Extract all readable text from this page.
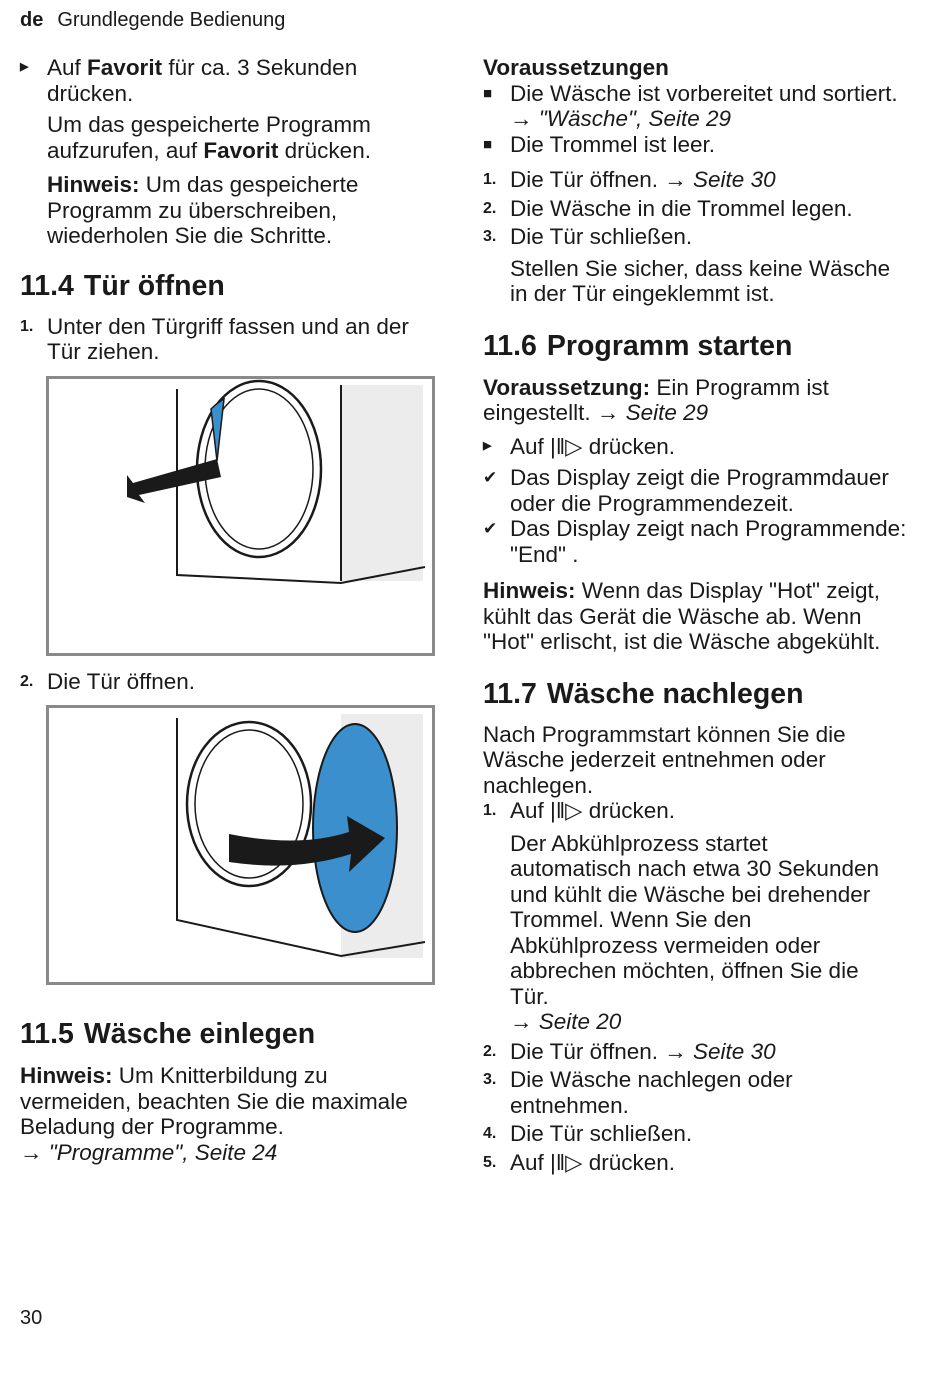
de Grundlegende Bedienung
▶ Auf Favorit für ca. 3 Sekunden drücken.

Um das gespeicherte Programm aufzurufen, auf Favorit drücken.

Hinweis: Um das gespeicherte Programm zu überschreiben, wiederholen Sie die Schritte.

11.4 Tür öffnen
1. Unter den Türgriff fassen und an der Tür ziehen.
2. Die Tür öffnen.
11.5 Wäsche einlegen

Hinweis: Um Knitterbildung zu vermeiden, beachten Sie die maximale Beladung der Programme.

→ "Programme", Seite 24

Voraussetzungen

■ Die Wäsche ist vorbereitet und sortiert.

→ "Wäsche", Seite 29

■ Die Trommel ist leer.
1. Die Tür öffnen. → Seite 30
2. Die Wäsche in die Trommel legen.
3. Die Tür schließen.

Stellen Sie sicher, dass keine Wäsche in der Tür eingeklemmt ist.

11.6 Programm starten

Voraussetzung: Ein Programm ist eingestellt. → Seite 29

▶ Auf |‖▷ drücken.
✔ Das Display zeigt die Programmdauer oder die Programmendezeit.
✔ Das Display zeigt nach Programmende: "End" .

Hinweis: Wenn das Display "Hot" zeigt, kühlt das Gerät die Wäsche ab. Wenn "Hot" erlischt, ist die Wäsche abgekühlt.

11.7 Wäsche nachlegen

Nach Programmstart können Sie die Wäsche jederzeit entnehmen oder nachlegen.

1. Auf |‖▷ drücken.

Der Abkühlprozess startet automatisch nach etwa 30 Sekunden und kühlt die Wäsche bei drehender Trommel. Wenn Sie den Abkühlprozess vermeiden oder abbrechen möchten, öffnen Sie die Tür.

→ Seite 20

2. Die Tür öffnen. → Seite 30
3. Die Wäsche nachlegen oder entnehmen.
4. Die Tür schließen.
5. Auf |‖▷ drücken.
30
